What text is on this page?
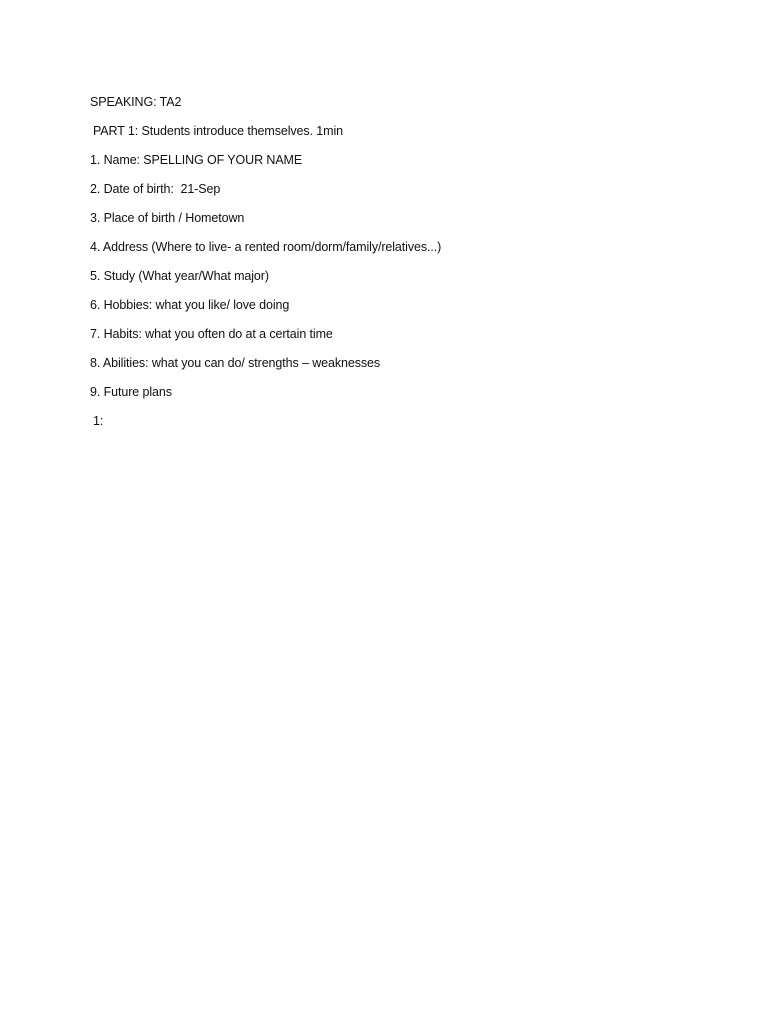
SPEAKING: TA2
PART 1: Students introduce themselves. 1min
1. Name: SPELLING OF YOUR NAME
2. Date of birth:  21-Sep
3. Place of birth / Hometown
4. Address (Where to live- a rented room/dorm/family/relatives...)
5. Study (What year/What major)
6. Hobbies: what you like/ love doing
7. Habits: what you often do at a certain time
8. Abilities: what you can do/ strengths – weaknesses
9. Future plans
1:
